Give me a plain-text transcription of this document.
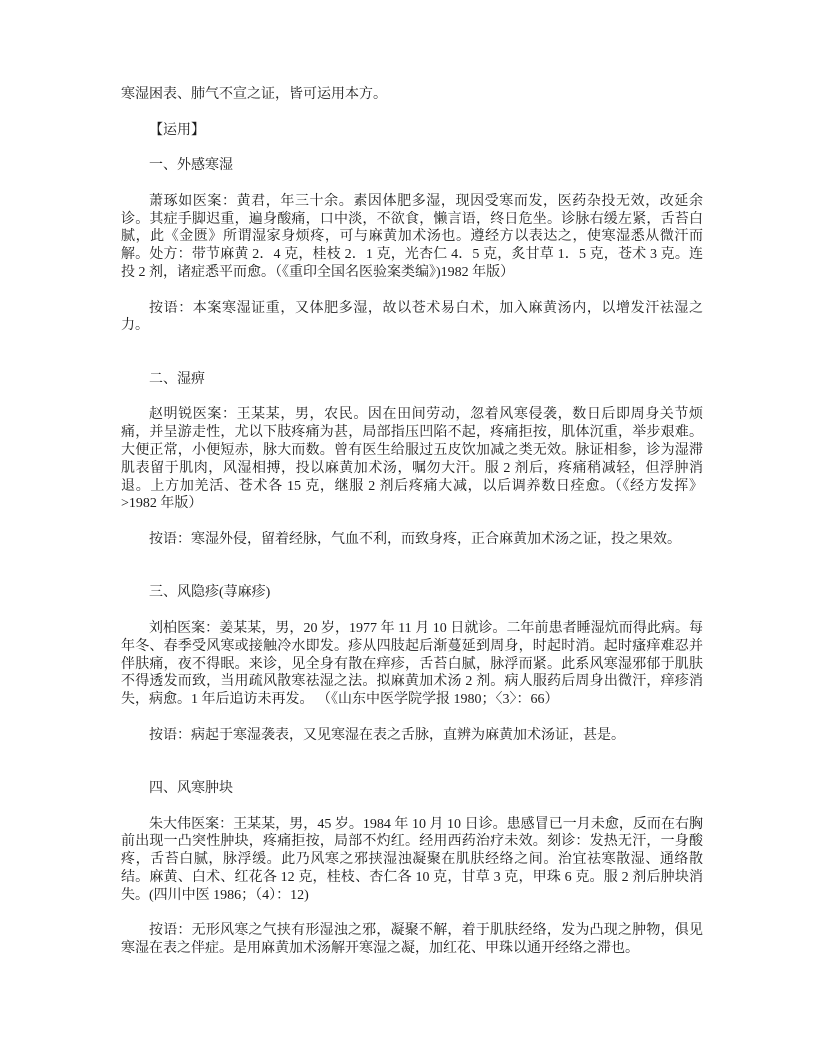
寒湿困表、肺气不宣之证，皆可运用本方。

【运用】

一、外感寒湿

萧琢如医案：黄君，年三十余。素因体肥多湿，现因受寒而发，医药杂投无效，改延余诊。其症手脚迟重，遍身酸痛，口中淡，不欲食，懒言语，终日危坐。诊脉右缓左紧，舌苔白腻，此《金匮》所谓湿家身烦疼，可与麻黄加术汤也。遵经方以表达之，使寒湿悉从微汗而解。处方：带节麻黄 2．4 克，桂枝 2．1 克，光杏仁 4．5 克，炙甘草 1．5 克，苍术 3 克。连投 2 剂，诸症悉平而愈。（《重印全国名医验案类编》)1982 年版）

按语：本案寒湿证重，又体肥多湿，故以苍术易白术，加入麻黄汤内，以增发汗祛湿之力。

二、湿痹

赵明锐医案：王某某，男，农民。因在田间劳动，忽着风寒侵袭，数日后即周身关节烦痛，并呈游走性，尤以下肢疼痛为甚，局部指压凹陷不起，疼痛拒按，肌体沉重，举步艰难。大便正常，小便短赤，脉大而数。曾有医生给服过五皮饮加减之类无效。脉证相参，诊为湿滞肌表留于肌肉，风湿相搏，投以麻黄加术汤，嘱勿大汗。服 2 剂后，疼痛稍减轻，但浮肿消退。上方加羌活、苍术各 15 克，继服 2 剂后疼痛大减，以后调养数日痊愈。（《经方发挥》>1982 年版）

按语：寒湿外侵，留着经脉，气血不利，而致身疼，正合麻黄加术汤之证，投之果效。

三、风隐疹(荨麻疹)

刘柏医案：姜某某，男，20 岁，1977 年 11 月 10 日就诊。二年前患者睡湿炕而得此病。每年冬、春季受风寒或接触冷水即发。疹从四肢起后渐蔓延到周身，时起时消。起时瘙痒难忍并伴肤痛，夜不得眠。来诊，见全身有散在痒疹，舌苔白腻，脉浮而紧。此系风寒湿邪郁于肌肤不得透发而致，当用疏风散寒祛湿之法。拟麻黄加术汤 2 剂。病人服药后周身出微汗，痒疹消失，病愈。1 年后追访未再发。 （《山东中医学院学报 1980；〈3〉：66）

按语：病起于寒湿袭表，又见寒湿在表之舌脉，直辨为麻黄加术汤证，甚是。

四、风寒肿块

朱大伟医案：王某某，男，45 岁。1984 年 10 月 10 日诊。患感冒已一月未愈，反而在右胸前出现一凸突性肿块，疼痛拒按，局部不灼红。经用西药治疗未效。刻诊：发热无汗，一身酸疼，舌苔白腻，脉浮缓。此乃风寒之邪挟湿浊凝聚在肌肤经络之间。治宜祛寒散湿、通络散结。麻黄、白术、红花各 12 克，桂枝、杏仁各 10 克，甘草 3 克，甲珠 6 克。服 2 剂后肿块消失。(四川中医 1986；（4）：12)

按语：无形风寒之气挟有形湿浊之邪，凝聚不解，着于肌肤经络，发为凸现之肿物，俱见寒湿在表之伴症。是用麻黄加术汤解开寒湿之凝，加红花、甲珠以通开经络之滞也。
